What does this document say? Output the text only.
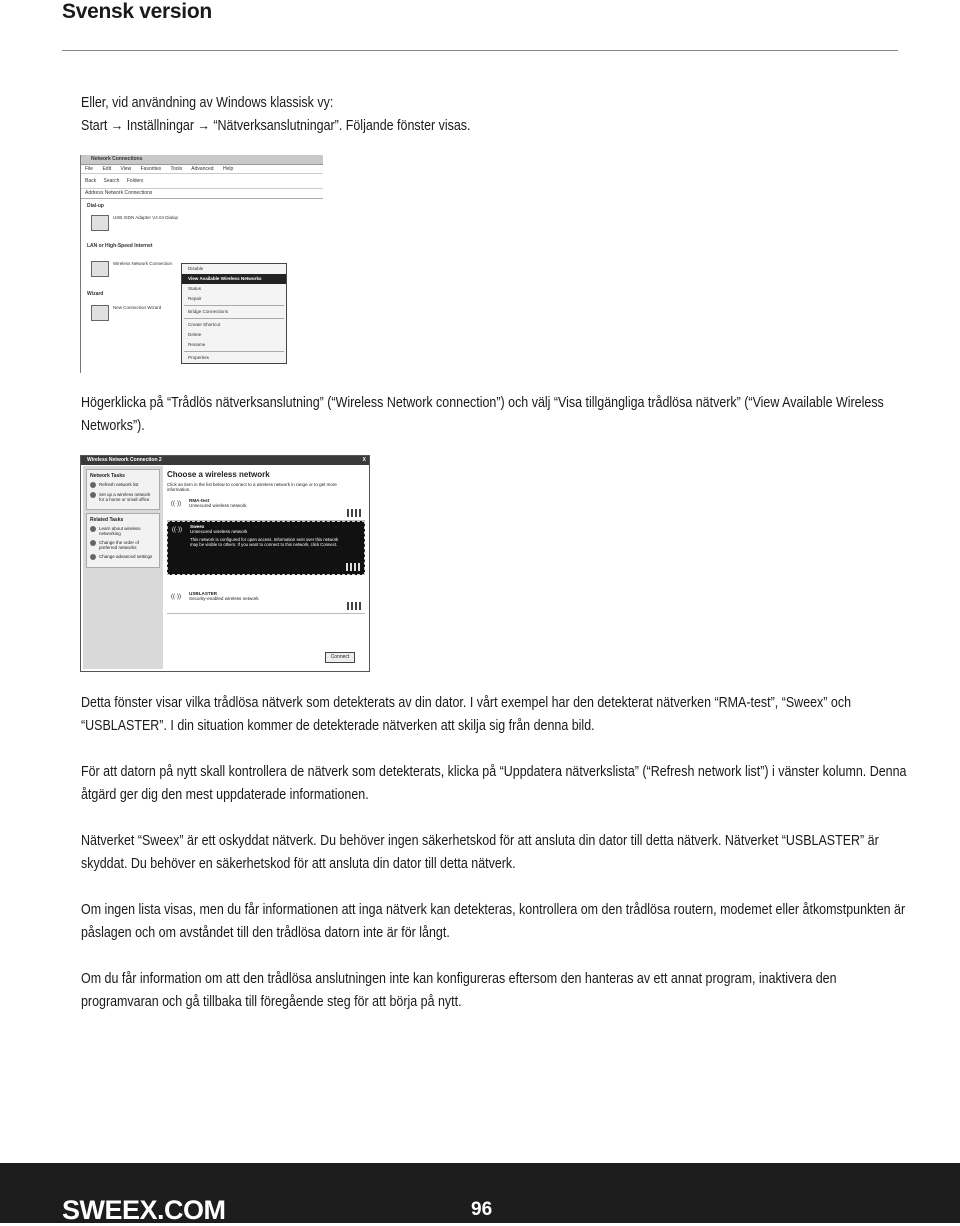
Svensk version

Eller, vid användning av Windows klassisk vy:

Start → Inställningar → “Nätverksanslutningar”. Följande fönster visas.

Network Connections
File Edit View Favorites Tools Advanced Help
Back Search Folders
Address Network Connections
Dial-up
USB ISDN Adapter V4.04 Dialup
LAN or High-Speed Internet
Wireless Network Connection
Wizard
New Connection Wizard
Disable
View Available Wireless Networks
Status
Repair
Bridge Connections
Create Shortcut
Delete
Rename
Properties

Högerklicka på “Trådlös nätverksanslutning” (“Wireless Network connection”) och välj “Visa tillgängliga trådlösa nätverk” (“View Available Wireless Networks”).

Wireless Network Connection 2	X
Network Tasks
Refresh network list
Set up a wireless network for a home or small office
Related Tasks
Learn about wireless networking
Change the order of preferred networks
Change advanced settings
Choose a wireless network
Click an item in the list below to connect to a wireless network in range or to get more information.
((·))
RMA-test
Unsecured wireless network
((·))
Sweex
Unsecured wireless network
This network is configured for open access. Information sent over this network may be visible to others. If you want to connect to this network, click Connect.
((·))
USBLASTER
Security-enabled wireless network
Connect

Detta fönster visar vilka trådlösa nätverk som detekterats av din dator. I vårt exempel har den detekterat nätverken “RMA-test”, “Sweex” och “USBLASTER”. I din situation kommer de detekterade nätverken att skilja sig från denna bild.

För att datorn på nytt skall kontrollera de nätverk som detekterats, klicka på “Uppdatera nätverkslista” (“Refresh network list”) i vänster kolumn. Denna åtgärd ger dig den mest uppdaterade informationen.

Nätverket “Sweex” är ett oskyddat nätverk. Du behöver ingen säkerhetskod för att ansluta din dator till detta nätverk. Nätverket “USBLASTER” är skyddat. Du behöver en säkerhetskod för att ansluta din dator till detta nätverk.

Om ingen lista visas, men du får informationen att inga nätverk kan detekteras, kontrollera om den trådlösa routern, modemet eller åtkomstpunkten är påslagen och om avståndet till den trådlösa datorn inte är för långt.

Om du får information om att den trådlösa anslutningen inte kan konfigureras eftersom den hanteras av ett annat program, inaktivera den programvaran och gå tillbaka till föregående steg för att börja på nytt.

SWEEX.COM	96
